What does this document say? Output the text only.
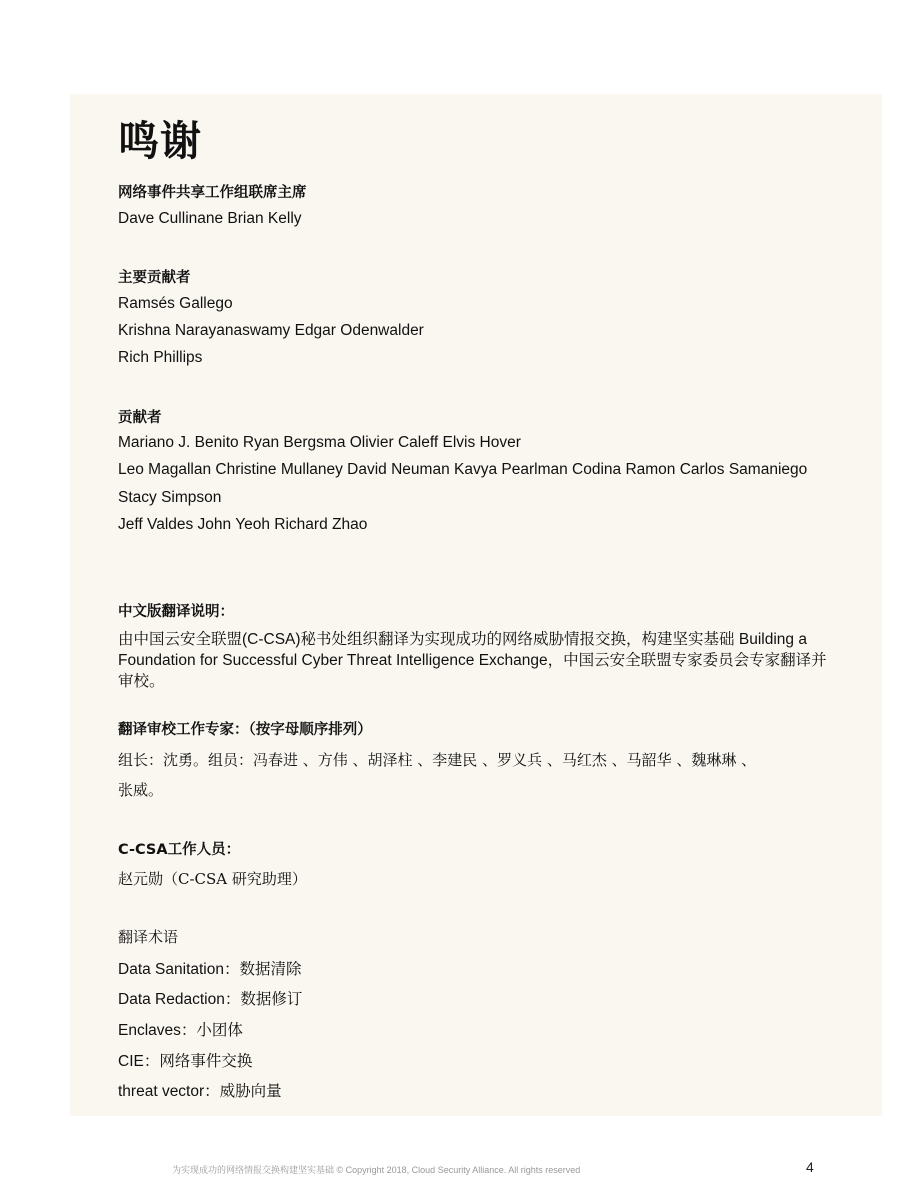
鸣谢
网络事件共享工作组联席主席
Dave Cullinane Brian Kelly
主要贡献者
Ramsés Gallego
Krishna Narayanaswamy Edgar Odenwalder
Rich Phillips
贡献者
Mariano J. Benito Ryan Bergsma Olivier Caleff Elvis Hover
Leo Magallan Christine Mullaney David Neuman Kavya Pearlman Codina Ramon Carlos Samaniego
Stacy Simpson
Jeff Valdes John Yeoh Richard Zhao
中文版翻译说明：
由中国云安全联盟(C-CSA)秘书处组织翻译为实现成功的网络威胁情报交换，构建坚实基础 Building a Foundation for Successful Cyber Threat Intelligence Exchange，中国云安全联盟专家委员会专家翻译并审校。
翻译审校工作专家：（按字母顺序排列）
组长：沈勇。组员：冯春进 、方伟 、胡泽柱 、李建民 、罗义兵 、马红杰 、马韶华 、魏琳琳 、
张威。
C-CSA工作人员：
赵元勋（C-CSA 研究助理）
翻译术语
Data Sanitation：数据清除
Data Redaction：数据修订
Enclaves：小团体
CIE：网络事件交换
threat vector：威胁向量
为实现成功的网络情报交换构建坚实基础 © Copyright 2018, Cloud Security Alliance. All rights reserved	4
